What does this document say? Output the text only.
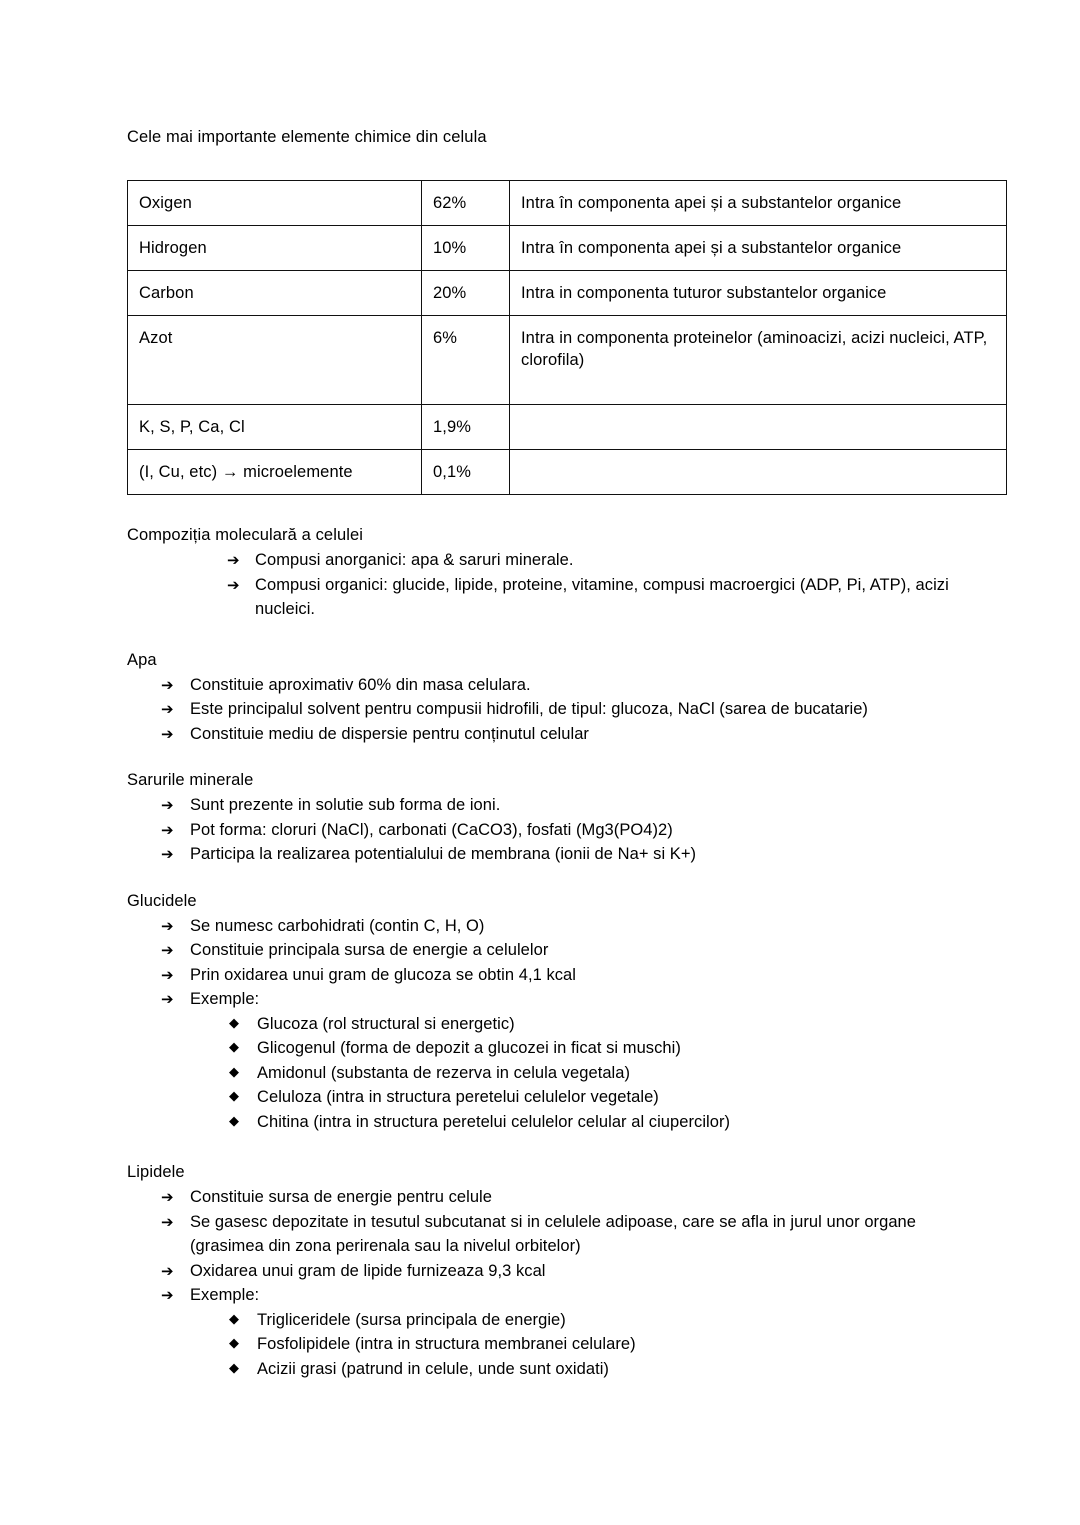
Cele mai importante elemente chimice din celula

Oxigen	62%	Intra în componenta apei și a substantelor organice
Hidrogen	10%	Intra în componenta apei și a substantelor organice
Carbon	20%	Intra in componenta tuturor substantelor organice
Azot	6%	Intra in componenta proteinelor (aminoacizi, acizi nucleici, ATP, clorofila)
K, S, P, Ca, Cl	1,9%	
(I, Cu, etc) → microelemente	0,1%	

Compoziția moleculară a celulei

➔ Compusi anorganici: apa & saruri minerale.
➔ Compusi organici: glucide, lipide, proteine, vitamine, compusi macroergici (ADP, Pi, ATP), acizi nucleici.

Apa

➔ Constituie aproximativ 60% din masa celulara.
➔ Este principalul solvent pentru compusii hidrofili, de tipul: glucoza, NaCl (sarea de bucatarie)
➔ Constituie mediu de dispersie pentru conținutul celular

Sarurile minerale

➔ Sunt prezente in solutie sub forma de ioni.
➔ Pot forma: cloruri (NaCl), carbonati (CaCO3), fosfati (Mg3(PO4)2)
➔ Participa la realizarea potentialului de membrana (ionii de Na+ si K+)

Glucidele

➔ Se numesc carbohidrati (contin C, H, O)
➔ Constituie principala sursa de energie a celulelor
➔ Prin oxidarea unui gram de glucoza se obtin 4,1 kcal
➔ Exemple:
◆ Glucoza (rol structural si energetic)
◆ Glicogenul (forma de depozit a glucozei in ficat si muschi)
◆ Amidonul (substanta de rezerva in celula vegetala)
◆ Celuloza (intra in structura peretelui celulelor vegetale)
◆ Chitina (intra in structura peretelui celulelor celular al ciupercilor)

Lipidele

➔ Constituie sursa de energie pentru celule
➔ Se gasesc depozitate in tesutul subcutanat si in celulele adipoase, care se afla in jurul unor organe (grasimea din zona perirenala sau la nivelul orbitelor)
➔ Oxidarea unui gram de lipide furnizeaza 9,3 kcal
➔ Exemple:
◆ Trigliceridele (sursa principala de energie)
◆ Fosfolipidele (intra in structura membranei celulare)
◆ Acizii grasi (patrund in celule, unde sunt oxidati)
